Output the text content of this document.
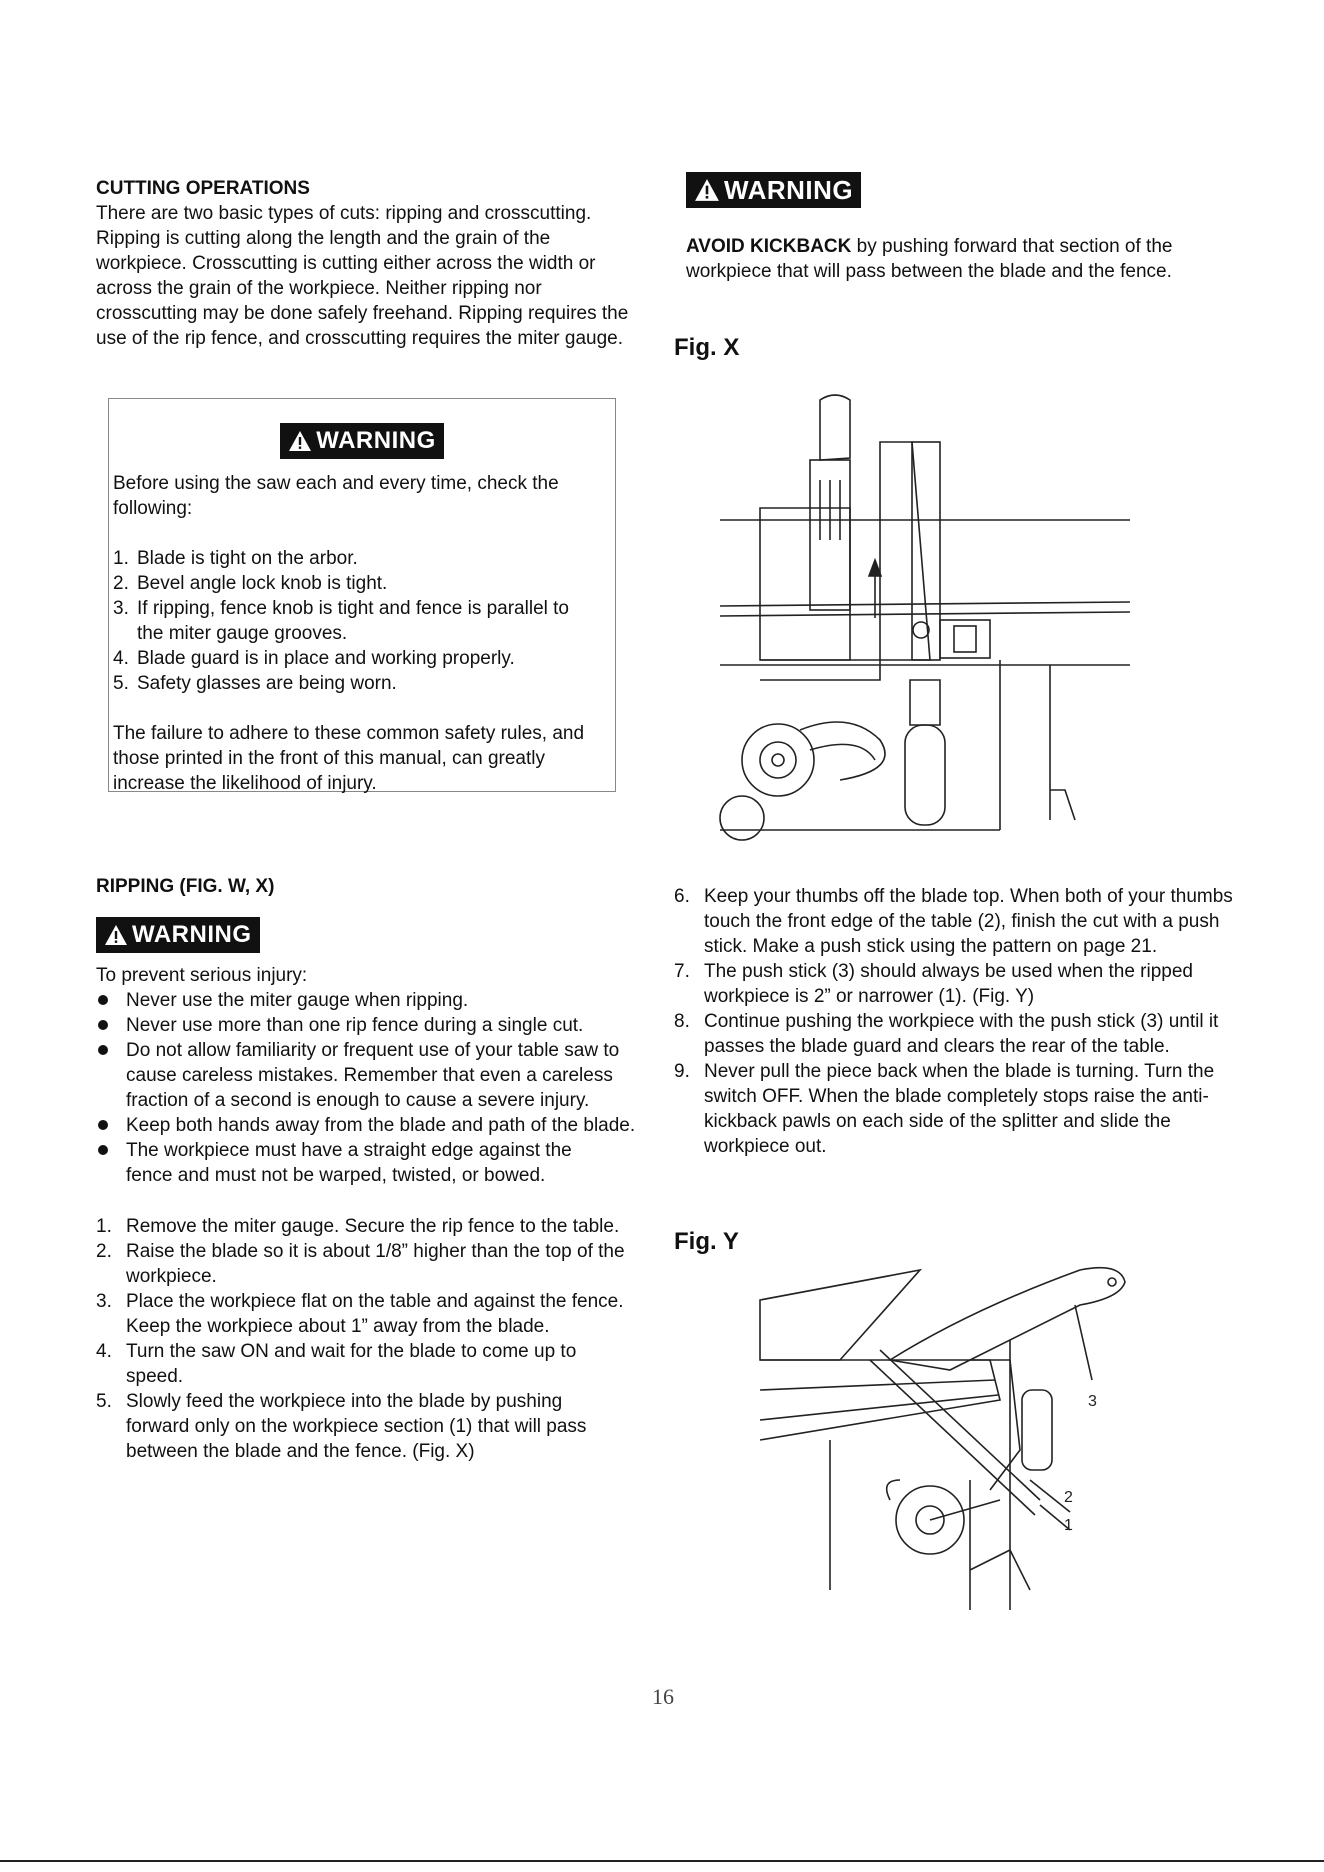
CUTTING OPERATIONS

There are two basic types of cuts: ripping and crosscutting. Ripping is cutting along the length and the grain of the workpiece. Crosscutting is cutting either across the width or across the grain of the workpiece. Neither ripping nor crosscutting may be done safely freehand. Ripping requires the use of the rip fence, and crosscutting requires the miter gauge.

WARNING

Before using the saw each and every time, check the following:

1. Blade is tight on the arbor.
2. Bevel angle lock knob is tight.
3. If ripping, fence knob is tight and fence is parallel to the miter gauge grooves.
4. Blade guard is in place and working properly.
5. Safety glasses are being worn.

The failure to adhere to these common safety rules, and those printed in the front of this manual, can greatly increase the likelihood of injury.

RIPPING (FIG. W, X)
WARNING

To prevent serious injury:

Never use the miter gauge when ripping.
Never use more than one rip fence during a single cut.
Do not allow familiarity or frequent use of your table saw to cause careless mistakes. Remember that even a careless fraction of a second is enough to cause a severe injury.
Keep both hands away from the blade and path of the blade.
The workpiece must have a straight edge against the fence and must not be warped, twisted, or bowed.
1. Remove the miter gauge. Secure the rip fence to the table.
2. Raise the blade so it is about 1/8” higher than the top of the workpiece.
3. Place the workpiece flat on the table and against the fence. Keep the workpiece about 1” away from the blade.
4. Turn the saw ON and wait for the blade to come up to speed.
5. Slowly feed the workpiece into the blade by pushing forward only on the workpiece section (1) that will pass between the blade and the fence. (Fig. X)
WARNING

AVOID KICKBACK by pushing forward that section of the workpiece that will pass between the blade and the fence.

Fig. X
6. Keep your thumbs off the blade top. When both of your thumbs touch the front edge of the table (2), finish the cut with a push stick. Make a push stick using the pattern on page 21.
7. The push stick (3) should always be used when the ripped workpiece is 2” or narrower (1). (Fig. Y)
8. Continue pushing the workpiece with the push stick (3) until it passes the blade guard and clears the rear of the table.
9. Never pull the piece back when the blade is turning. Turn the switch OFF. When the blade completely stops raise the anti-kickback pawls on each side of the splitter and slide the workpiece out.
Fig. Y
3
2
1
16
